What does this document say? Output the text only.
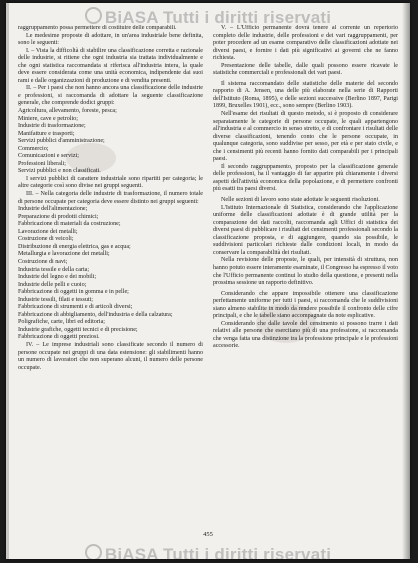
BiASA Tutti i diritti riservati

raggruppamento possa permettere di costituire delle comparabili.

Le medesime proposte di adottare, in un'area industriale bene definita, sono le seguenti:

I. – Vista la difficoltà di stabilire una classificazione corretta e razionale delle industrie, si ritiene che ogni industria sia trattata individualmente e che ogni statistica raccomandata si riferisca all'industria intera, la quale deve essere considerata come una unità economica, indipendente dai suoi rami e dalle organizzazioni di produzione e di vendita presenti.

II. – Per i paesi che non hanno ancora una classificazione delle industrie e professioni, si raccomanda di adottare la seguente classificazione generale, che comprende dodici gruppi:

Agricoltura, allevamento, foreste, pesca;

Miniere, cave e petrolio;

Industrie di trasformazione;

Manifatture e trasporti;

Servizi pubblici d'amministrazione;

Commercio;

Comunicazioni e servizi;

Professioni liberali;

Servizi pubblici e non classificati.

I servizi pubblici di carattere industriale sono ripartiti per categoria; le altre categorie così sono divise nei gruppi seguenti.

III. – Nella categoria delle industrie di trasformazione, il numero totale di persone occupate per categoria deve essere distinto nei gruppi seguenti:

Industrie dell'alimentazione;

Preparazione di prodotti chimici;

Fabbricazione di materiali da costruzione;

Lavorazione dei metalli;

Costruzione di veicoli;

Distribuzione di energia elettrica, gas e acqua;

Metallurgia e lavorazione dei metalli;

Costruzione di navi;

Industria tessile e della carta;

Industrie del legno e dei mobili;

Industrie delle pelli e cuoio;

Fabbricazione di oggetti in gomma e in pelle;

Industrie tessili, filati e tessuti;

Fabbricazione di strumenti e di articoli diversi;

Fabbricazione di abbigliamento, dell'industria e della calzatura;

Poligrafiche, carte, libri ed editoria;

Industrie grafiche, oggetti tecnici e di precisione;

Fabbricazione di oggetti preziosi.

IV. – Le imprese industriali sono classificate secondo il numero di persone occupate nei gruppi di una data estensione: gli stabilimenti hanno un numero di lavoratori che non superano alcuni, il numero delle persone occupate.

V. – L'Ufficio permanente dovrà tenere al corrente un repertorio completo delle industrie, delle professioni e dei vari raggruppamenti, per poter procedere ad un esame comparativo delle classificazioni adottate nei diversi paesi, e fornire i dati più significativi ai governi che ne fanno richiesta.

Presentazione delle tabelle, dalle quali possono essere ricavate le statistiche commerciali e professionali dei vari paesi.

Il sistema raccomandato delle statistiche delle materie del secondo rapporto di A. Jensen, una delle più elaborate nella serie di Rapporti dell'Istituto (Roma, 1895), e delle sezioni successive (Berlino 1897, Parigi 1899, Bruxelles 1901), ecc., sono sempre (Berlino 1903).

Nell'esame dei risultati di questo metodo, si è proposto di considerare separatamente le categorie di persone occupate, le quali appartengono all'industria e al commercio in senso stretto, e di confrontare i risultati delle diverse classificazioni, tenendo conto che le persone occupate, in qualunque categoria, sono suddivise per sesso, per età e per stato civile, e che i censimenti più recenti hanno fornito dati comparabili per i principali paesi.

Il secondo raggruppamento, proposto per la classificazione generale delle professioni, ha il vantaggio di far apparire più chiaramente i diversi aspetti dell'attività economica della popolazione, e di permettere confronti più esatti tra paesi diversi.

Nelle sezioni di lavoro sono state adottate le seguenti risoluzioni.

L'Istituto Internazionale di Statistica, considerando che l'applicazione uniforme delle classificazioni adottate è di grande utilità per la comparazione dei dati raccolti, raccomanda agli Uffici di statistica dei diversi paesi di pubblicare i risultati dei censimenti professionali secondo la classificazione proposta, e di aggiungere, quando sia possibile, le suddivisioni particolari richieste dalle condizioni locali, in modo da conservare la comparabilità dei risultati.

Nella revisione delle proposte, le quali, per intensità di struttura, non hanno potuto essere interamente esaminate, il Congresso ha espresso il voto che l'Ufficio permanente continui lo studio della questione, e presenti nella prossima sessione un rapporto definitivo.

Considerando che appare impossibile ottenere una classificazione perfettamente uniforme per tutti i paesi, si raccomanda che le suddivisioni siano almeno stabilite in modo da rendere possibile il confronto delle cifre principali, e che le tabelle siano accompagnate da note esplicative.

Considerando che dalle tavole del censimento si possono trarre i dati relativi alle persone che esercitano più di una professione, si raccomanda che venga fatta una distinzione tra la professione principale e le professioni accessorie.

455
BiASA Tutti i diritti riservati
